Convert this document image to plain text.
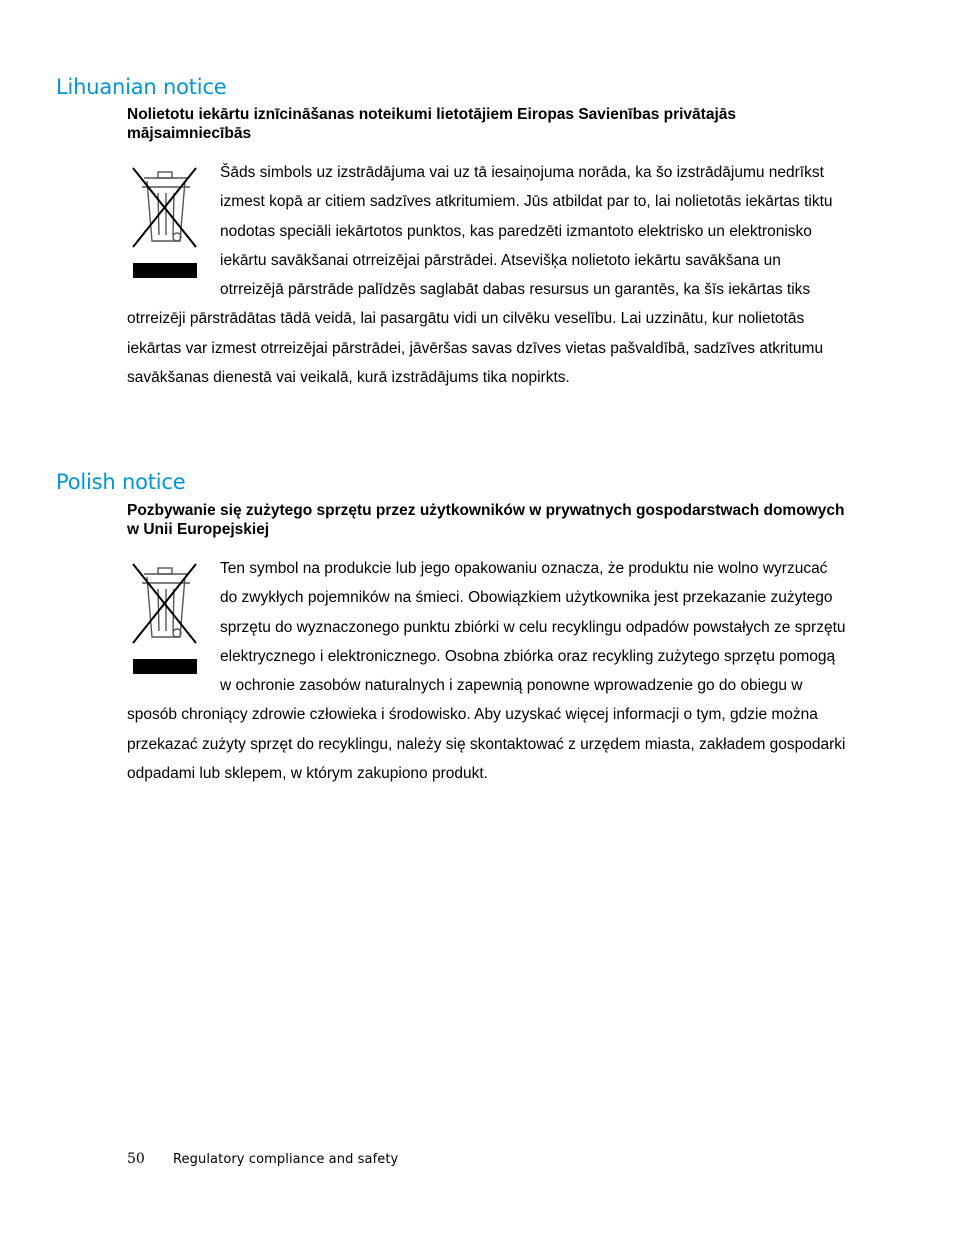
Lihuanian notice

Nolietotu iekārtu iznīcināšanas noteikumi lietotājiem Eiropas Savienības privātajās mājsaimniecībās

Šāds simbols uz izstrādājuma vai uz tā iesaiņojuma norāda, ka šo izstrādājumu nedrīkst izmest kopā ar citiem sadzīves atkritumiem. Jūs atbildat par to, lai nolietotās iekārtas tiktu nodotas speciāli iekārtotos punktos, kas paredzēti izmantoto elektrisko un elektronisko iekārtu savākšanai otrreizējai pārstrādei. Atsevišķa nolietoto iekārtu savākšana un otrreizējā pārstrāde palīdzēs saglabāt dabas resursus un garantēs, ka šīs iekārtas tiks otrreizēji pārstrādātas tādā veidā, lai pasargātu vidi un cilvēku veselību. Lai uzzinātu, kur nolietotās iekārtas var izmest otrreizējai pārstrādei, jāvēršas savas dzīves vietas pašvaldībā, sadzīves atkritumu savākšanas dienestā vai veikalā, kurā izstrādājums tika nopirkts.

Polish notice

Pozbywanie się zużytego sprzętu przez użytkowników w prywatnych gospodarstwach domowych w Unii Europejskiej

Ten symbol na produkcie lub jego opakowaniu oznacza, że produktu nie wolno wyrzucać do zwykłych pojemników na śmieci. Obowiązkiem użytkownika jest przekazanie zużytego sprzętu do wyznaczonego punktu zbiórki w celu recyklingu odpadów powstałych ze sprzętu elektrycznego i elektronicznego. Osobna zbiórka oraz recykling zużytego sprzętu pomogą w ochronie zasobów naturalnych i zapewnią ponowne wprowadzenie go do obiegu w sposób chroniący zdrowie człowieka i środowisko. Aby uzyskać więcej informacji o tym, gdzie można przekazać zużyty sprzęt do recyklingu, należy się skontaktować z urzędem miasta, zakładem gospodarki odpadami lub sklepem, w którym zakupiono produkt.

50 Regulatory compliance and safety
